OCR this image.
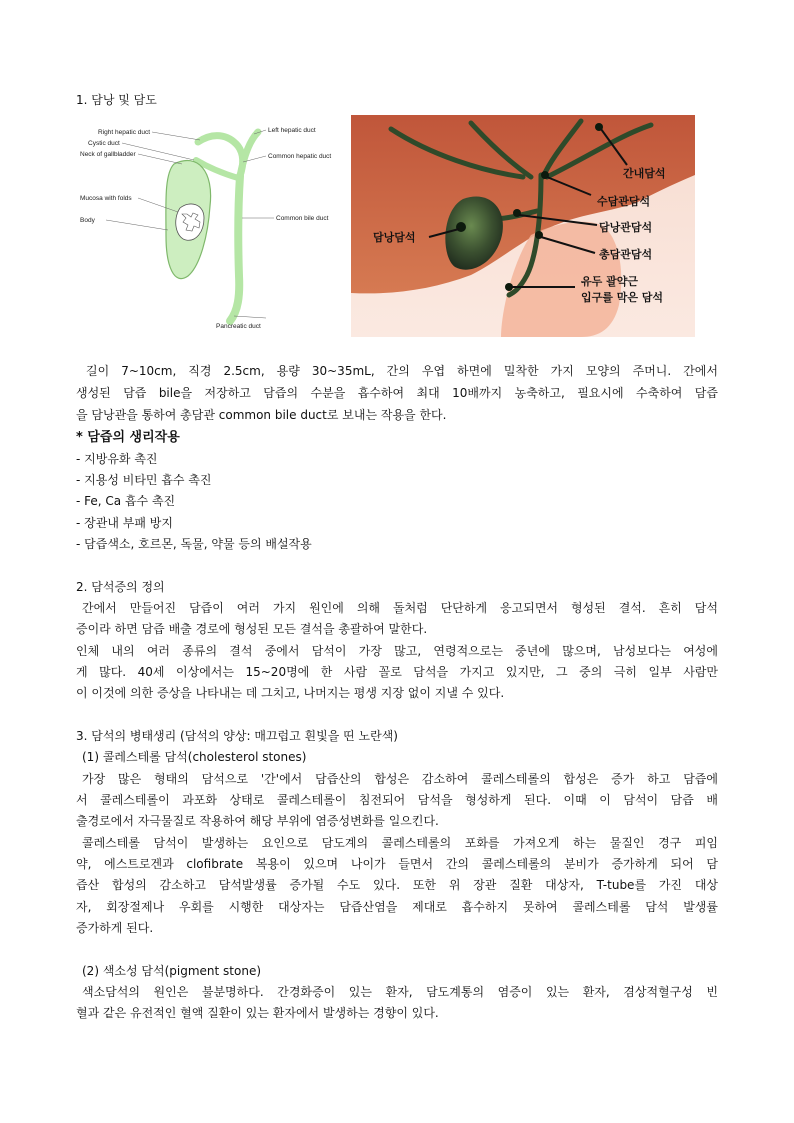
1. 담낭 및 담도
Right hepatic duct
Cystic duct
Neck of gallbladder
Mucosa with folds
Body
Left hepatic duct
Common hepatic duct
Common bile duct
Pancreatic duct
간내담석
수담관담석
담낭관담석
총담관담석
담낭담석
유두 괄약근
입구를 막은 담석
길이 7~10cm, 직경 2.5cm, 용량 30~35mL, 간의 우엽 하면에 밀착한 가지 모양의 주머니. 간에서
생성된 담즙 bile을 저장하고 담즙의 수분을 흡수하여 최대 10배까지 농축하고, 필요시에 수축하여 담즙
을 담낭관을 통하여 총담관 common bile duct로 보내는 작용을 한다.
* 담즙의 생리작용
- 지방유화 촉진
- 지용성 비타민 흡수 촉진
- Fe, Ca 흡수 촉진
- 장관내 부패 방지
- 담즙색소, 호르몬, 독물, 약물 등의 배설작용
2. 담석증의 정의
간에서 만들어진 담즙이 여러 가지 원인에 의해 돌처럼 단단하게 응고되면서 형성된 결석. 흔히 담석
증이라 하면 담즙 배출 경로에 형성된 모든 결석을 총괄하여 말한다.
인체 내의 여러 종류의 결석 중에서 담석이 가장 많고, 연령적으로는 중년에 많으며, 남성보다는 여성에
게 많다. 40세 이상에서는 15~20명에 한 사람 꼴로 담석을 가지고 있지만, 그 중의 극히 일부 사람만
이 이것에 의한 증상을 나타내는 데 그치고, 나머지는 평생 지장 없이 지낼 수 있다.
3. 담석의 병태생리 (담석의 양상: 매끄럽고 흰빛을 띤 노란색)
(1) 콜레스테롤 담석(cholesterol stones)
가장 많은 형태의 담석으로 '간'에서 담즙산의 합성은 감소하여 콜레스테롤의 합성은 증가 하고 담즙에
서 콜레스테롤이 과포화 상태로 콜레스테롤이 침전되어 담석을 형성하게 된다. 이때 이 담석이 담즙 배
출경로에서 자극물질로 작용하여 해당 부위에 염증성변화를 일으킨다.
콜레스테롤 담석이 발생하는 요인으로 담도계의 콜레스테롤의 포화를 가져오게 하는 물질인 경구 피임
약, 에스트로겐과 clofibrate 복용이 있으며 나이가 들면서 간의 콜레스테롤의 분비가 증가하게 되어 담
즙산 합성의 감소하고 담석발생률 증가될 수도 있다. 또한 위 장관 질환 대상자, T-tube를 가진 대상
자, 회장절제나 우회를 시행한 대상자는 담즙산염을 제대로 흡수하지 못하여 콜레스테롤 담석 발생률
증가하게 된다.
(2) 색소성 담석(pigment stone)
색소담석의 원인은 불분명하다. 간경화증이 있는 환자, 담도계통의 염증이 있는 환자, 겸상적혈구성 빈
혈과 같은 유전적인 혈액 질환이 있는 환자에서 발생하는 경향이 있다.
